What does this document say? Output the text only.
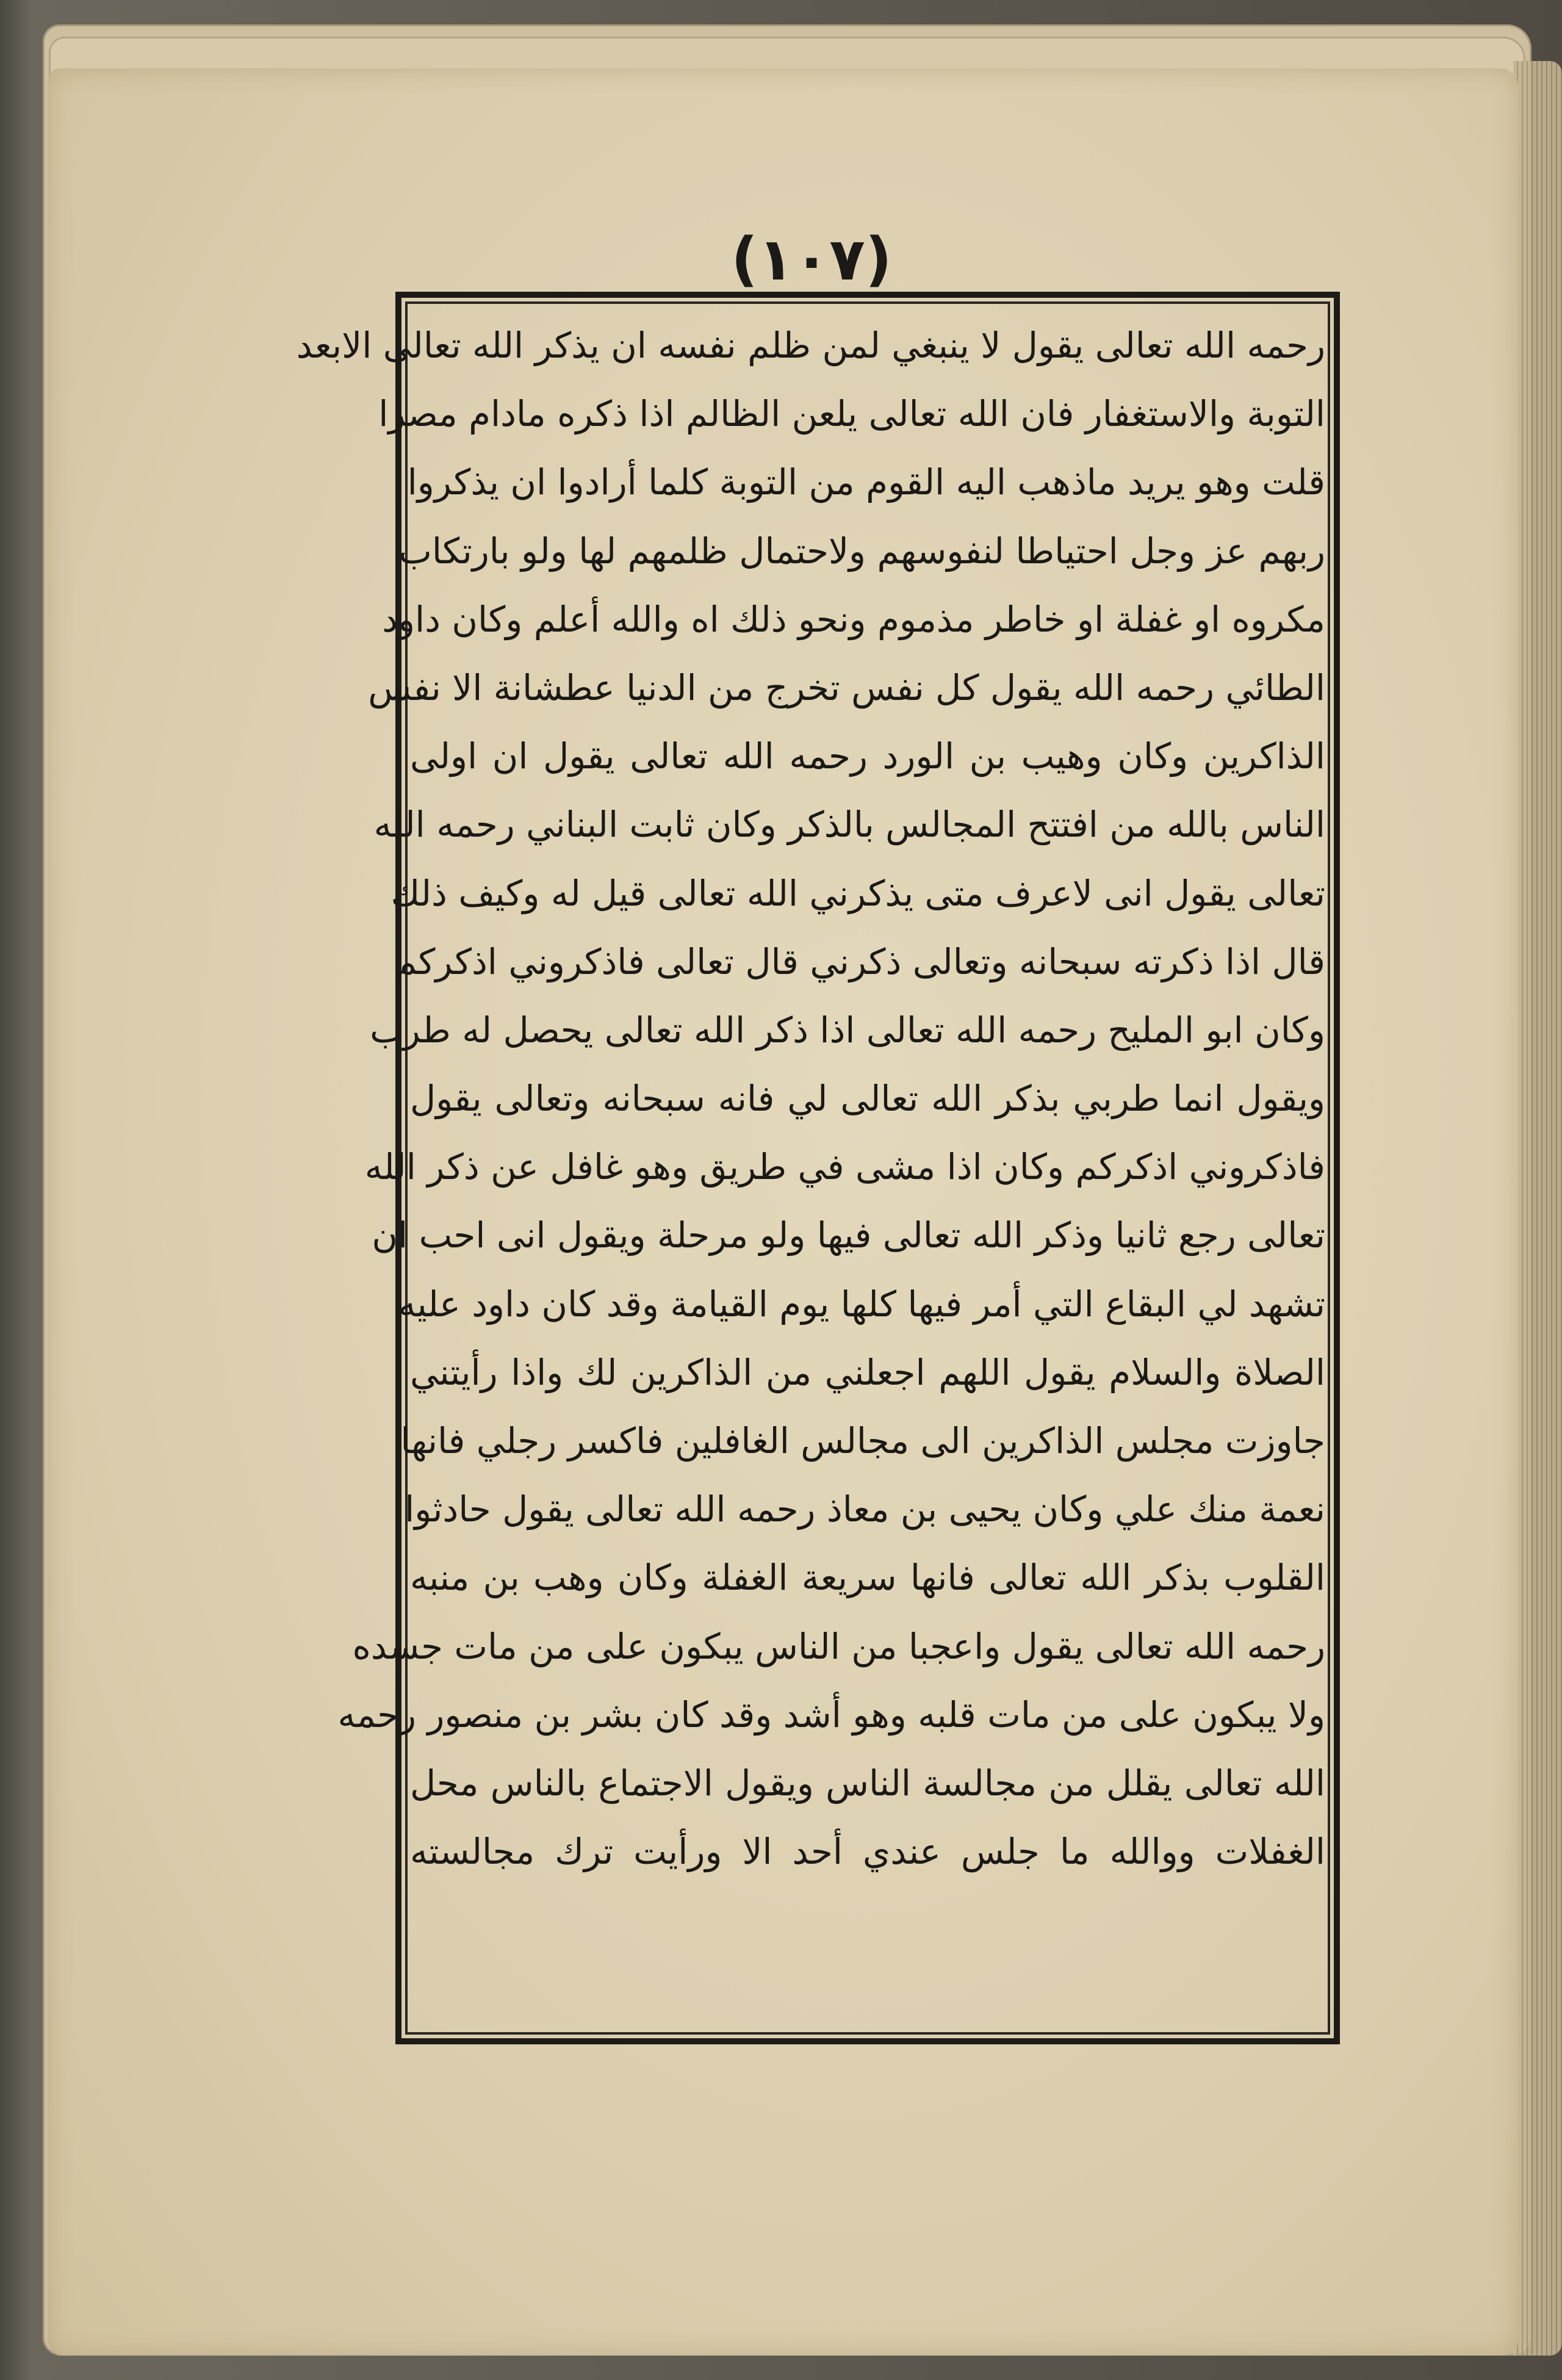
(١٠٧)
رحمه الله تعالى يقول لا ينبغي لمن ظلم نفسه ان يذكر الله تعالى الابعد
التوبة والاستغفار فان الله تعالى يلعن الظالم اذا ذكره مادام مصرا
قلت وهو يريد ماذهب اليه القوم من التوبة كلما أرادوا ان يذكروا
ربهم عز وجل احتياطا لنفوسهم ولاحتمال ظلمهم لها ولو بارتكاب
مكروه او غفلة او خاطر مذموم ونحو ذلك اه والله أعلم وكان داود
الطائي رحمه الله يقول كل نفس تخرج من الدنيا عطشانة الا نفس
الذاكرين وكان وهيب بن الورد رحمه الله تعالى يقول ان اولى
الناس بالله من افتتح المجالس بالذكر وكان ثابت البناني رحمه الله
تعالى يقول انى لاعرف متى يذكرني الله تعالى قيل له وكيف ذلك
قال اذا ذكرته سبحانه وتعالى ذكرني قال تعالى فاذكروني اذكركم
وكان ابو المليح رحمه الله تعالى اذا ذكر الله تعالى يحصل له طرب
ويقول انما طربي بذكر الله تعالى لي فانه سبحانه وتعالى يقول
فاذكروني اذكركم وكان اذا مشى في طريق وهو غافل عن ذكر الله
تعالى رجع ثانيا وذكر الله تعالى فيها ولو مرحلة ويقول انى احب ان
تشهد لي البقاع التي أمر فيها كلها يوم القيامة وقد كان داود عليه
الصلاة والسلام يقول اللهم اجعلني من الذاكرين لك واذا رأيتني
جاوزت مجلس الذاكرين الى مجالس الغافلين فاكسر رجلي فانها
نعمة منك علي وكان يحيى بن معاذ رحمه الله تعالى يقول حادثوا
القلوب بذكر الله تعالى فانها سريعة الغفلة وكان وهب بن منبه
رحمه الله تعالى يقول واعجبا من الناس يبكون على من مات جسده
ولا يبكون على من مات قلبه وهو أشد وقد كان بشر بن منصور رحمه
الله تعالى يقلل من مجالسة الناس ويقول الاجتماع بالناس محل
الغفلات ووالله ما جلس عندي أحد الا ورأيت ترك مجالسته
